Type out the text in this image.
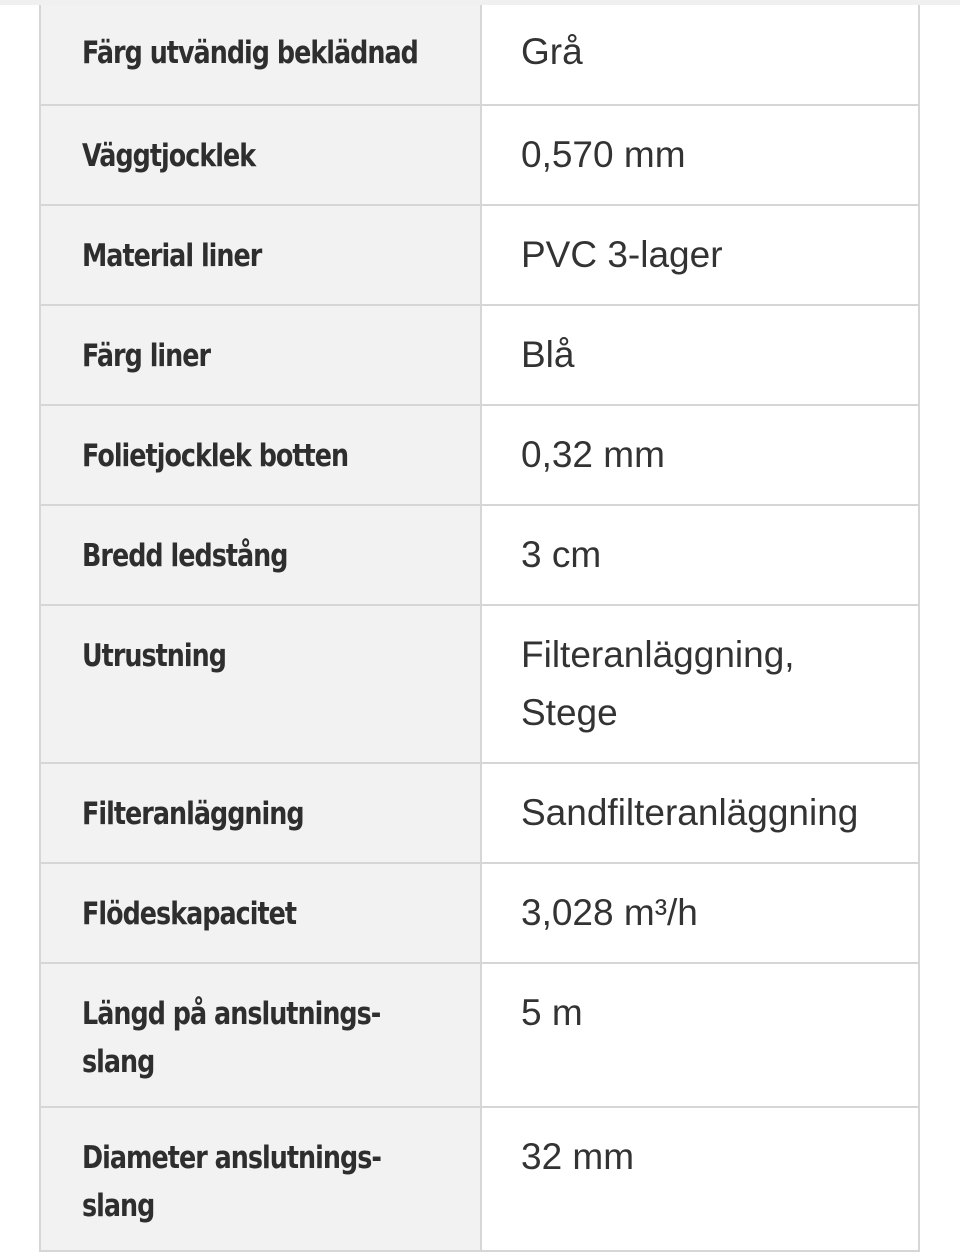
Färg utvändig beklädnad	Grå
Väggtjocklek	0,570 mm
Material liner	PVC 3-lager
Färg liner	Blå
Folietjocklek botten	0,32 mm
Bredd ledstång	3 cm
Utrustning	Filteranläggning,
Stege

Filteranläggning	Sandfilteranläggning
Flödeskapacitet	3,028 m³/h
Längd på anslutnings-
slang	5 m
Diameter anslutnings-
slang	32 mm
